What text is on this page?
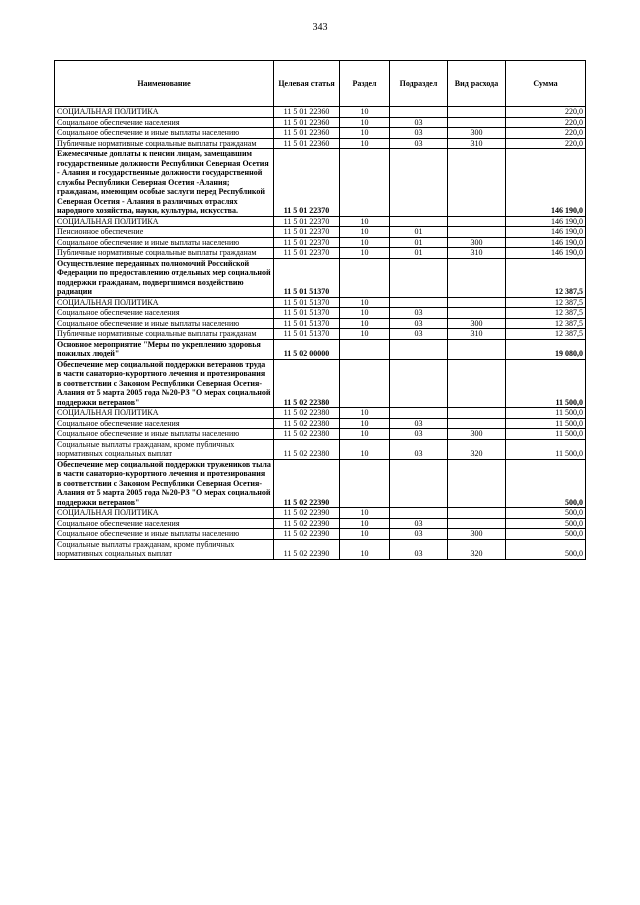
343
Наименование	Целевая статья	Раздел	Подраздел	Вид расхода	Сумма
СОЦИАЛЬНАЯ ПОЛИТИКА	11 5 01 22360	10			220,0
Социальное обеспечение населения	11 5 01 22360	10	03		220,0
Социальное обеспечение и иные выплаты населению	11 5 01 22360	10	03	300	220,0
Публичные нормативные социальные выплаты гражданам	11 5 01 22360	10	03	310	220,0
Ежемесячные доплаты к пенсии лицам, замещавшим государственные должности Республики Северная Осетия - Алания и государственные должности государственной службы Республики Северная Осетия -Алания; гражданам, имеющим особые заслуги перед Республикой Северная Осетия - Алания в различных отраслях народного хозяйства, науки, культуры, искусства.	11 5 01 22370				146 190,0
СОЦИАЛЬНАЯ ПОЛИТИКА	11 5 01 22370	10			146 190,0
Пенсионное обеспечение	11 5 01 22370	10	01		146 190,0
Социальное обеспечение и иные выплаты населению	11 5 01 22370	10	01	300	146 190,0
Публичные нормативные социальные выплаты гражданам	11 5 01 22370	10	01	310	146 190,0
Осуществление переданных полномочий Российской Федерации по предоставлению отдельных мер социальной поддержки гражданам, подвергшимся воздействию радиации	11 5 01 51370				12 387,5
СОЦИАЛЬНАЯ ПОЛИТИКА	11 5 01 51370	10			12 387,5
Социальное обеспечение населения	11 5 01 51370	10	03		12 387,5
Социальное обеспечение и иные выплаты населению	11 5 01 51370	10	03	300	12 387,5
Публичные нормативные социальные выплаты гражданам	11 5 01 51370	10	03	310	12 387,5
Основное мероприятие "Меры по укреплению здоровья пожилых людей"	11 5 02 00000				19 080,0
Обеспечение мер социальной поддержки ветеранов труда в части санаторно-курортного лечения и протезирования в соответствии с Законом Республики Северная Осетия-Алания от 5 марта 2005 года №20-РЗ "О мерах социальной поддержки ветеранов"	11 5 02 22380				11 500,0
СОЦИАЛЬНАЯ ПОЛИТИКА	11 5 02 22380	10			11 500,0
Социальное обеспечение населения	11 5 02 22380	10	03		11 500,0
Социальное обеспечение и иные выплаты населению	11 5 02 22380	10	03	300	11 500,0
Социальные выплаты гражданам, кроме публичных нормативных социальных выплат	11 5 02 22380	10	03	320	11 500,0
Обеспечение мер социальной поддержки тружеников тыла в части санаторно-курортного лечения и протезирования в соответствии с Законом Республики Северная Осетия-Алания от 5 марта 2005 года №20-РЗ "О мерах социальной поддержки ветеранов"	11 5 02 22390				500,0
СОЦИАЛЬНАЯ ПОЛИТИКА	11 5 02 22390	10			500,0
Социальное обеспечение населения	11 5 02 22390	10	03		500,0
Социальное обеспечение и иные выплаты населению	11 5 02 22390	10	03	300	500,0
Социальные выплаты гражданам, кроме публичных нормативных социальных выплат	11 5 02 22390	10	03	320	500,0
